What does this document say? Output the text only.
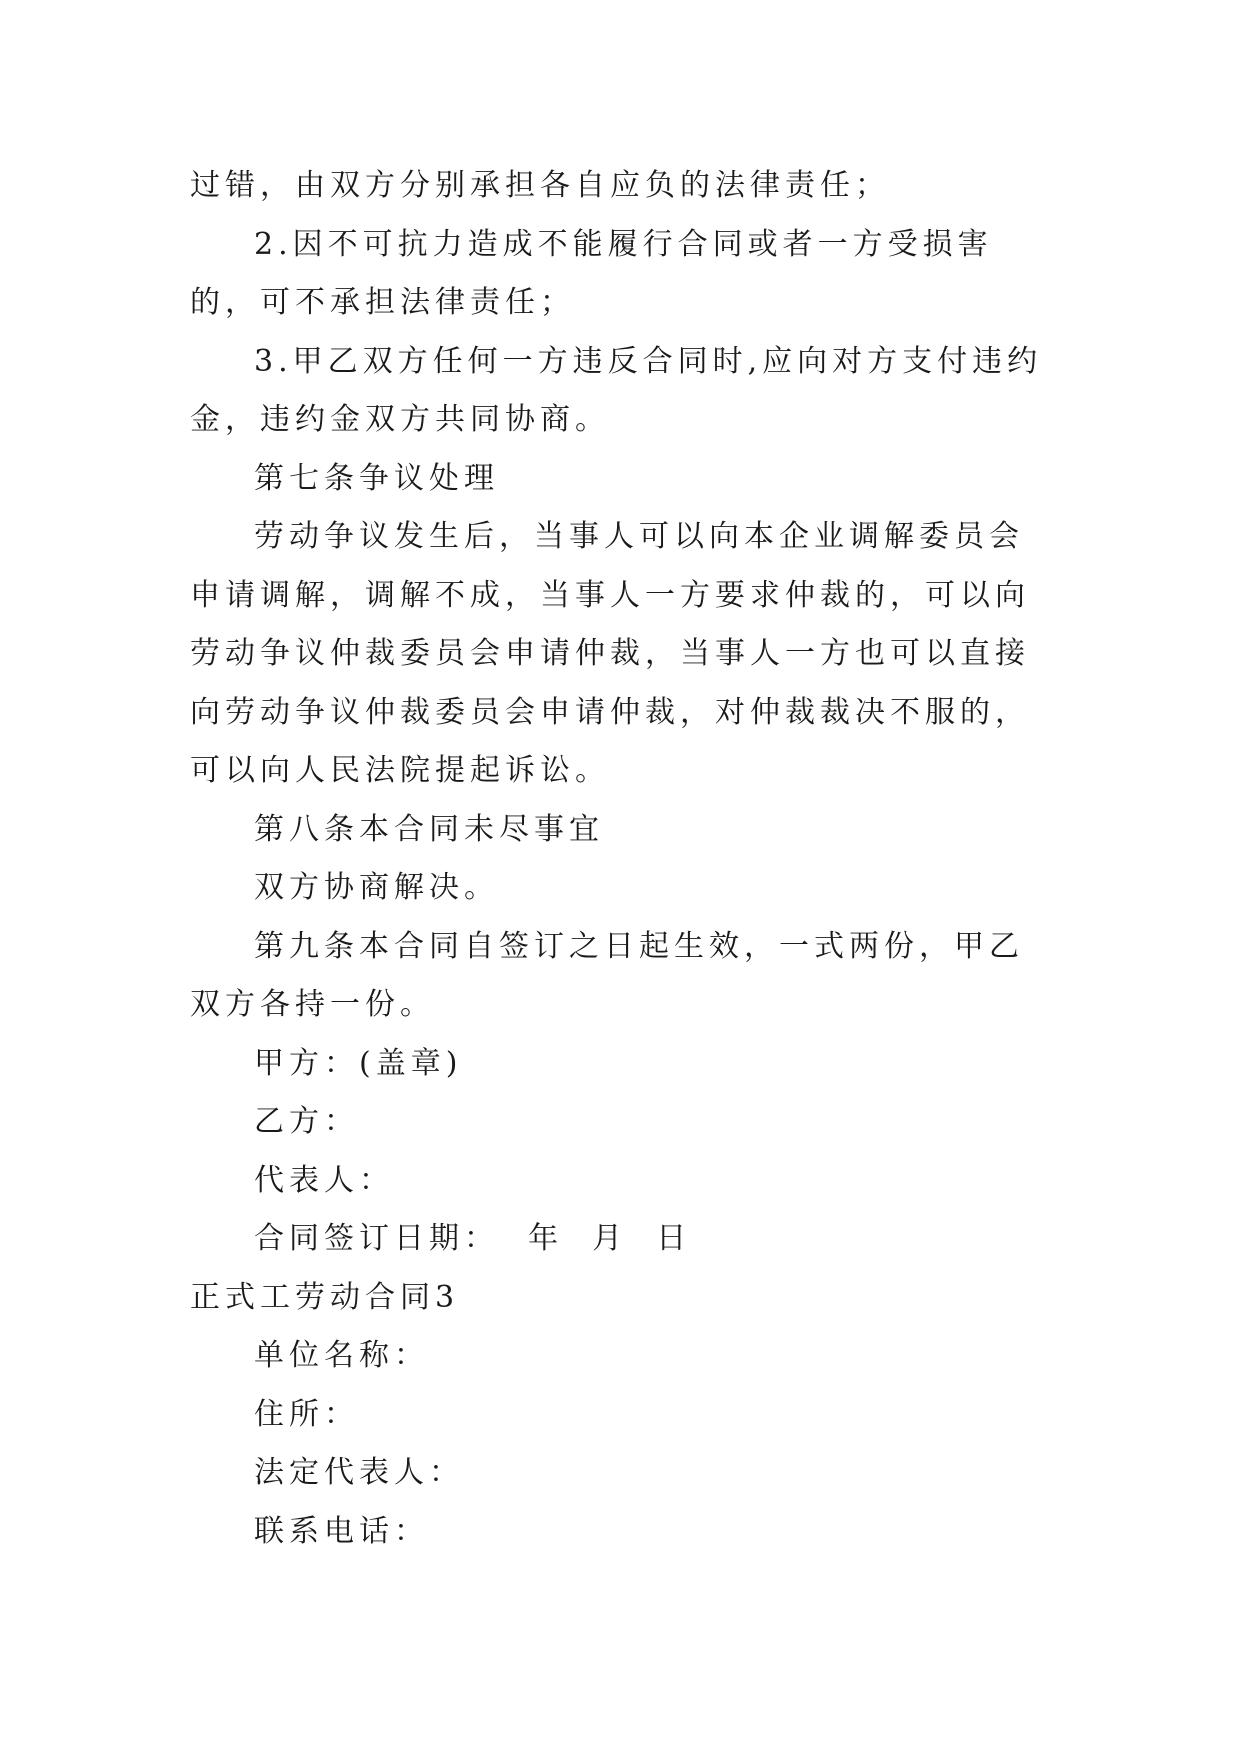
过错，由双方分别承担各自应负的法律责任；

2.因不可抗力造成不能履行合同或者一方受损害的，可不承担法律责任；

3.甲乙双方任何一方违反合同时,应向对方支付违约金，违约金双方共同协商。

第七条争议处理

劳动争议发生后，当事人可以向本企业调解委员会申请调解，调解不成，当事人一方要求仲裁的，可以向劳动争议仲裁委员会申请仲裁，当事人一方也可以直接向劳动争议仲裁委员会申请仲裁，对仲裁裁决不服的，可以向人民法院提起诉讼。

第八条本合同未尽事宜

双方协商解决。

第九条本合同自签订之日起生效，一式两份，甲乙双方各持一份。

甲方：(盖章)

乙方：

代表人：

合同签订日期：  年  月  日

正式工劳动合同3

单位名称：

住所：

法定代表人：

联系电话：
